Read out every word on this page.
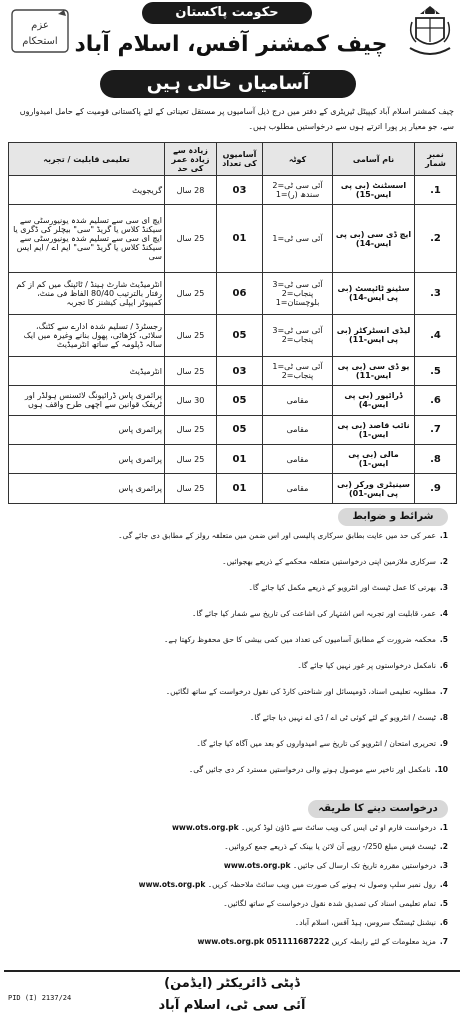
عزم
استحکام
حکومت پاکستان
چیف کمشنر آفس، اسلام آباد
آسامیاں خالی ہیں
چیف کمشنر اسلام آباد کیپیٹل ٹیریٹری کے دفتر میں درج ذیل آسامیوں پر مستقل تعیناتی کے لئے پاکستانی قومیت کے حامل امیدواروں سے، جو معیار پر پورا اترتے ہوں سے درخواستیں مطلوب ہیں۔
نمبر شمار	نام آسامی	کوٹہ	آسامیوں کی تعداد	زیادہ سے زیادہ عمر کی حد	تعلیمی قابلیت / تجربہ
1.	اسسٹنٹ (بی پی ایس-15)	آئی سی ٹی=2 سندھ (ر)=1	03	28 سال	گریجویٹ
2.	ایچ ڈی سی (بی پی ایس-14)	آئی سی ٹی=1	01	25 سال	ایچ ای سی سے تسلیم شدہ یونیورسٹی سے سیکنڈ کلاس یا گریڈ "سی" بیچلر کی ڈگری یا ایچ ای سی سے تسلیم شدہ یونیورسٹی سے سیکنڈ کلاس یا گریڈ "سی" ایم اے / ایم ایس سی
3.	سٹینو ٹائپسٹ (بی پی ایس-14)	آئی سی ٹی=3 پنجاب=2 بلوچستان=1	06	25 سال	انٹرمیڈیٹ شارٹ ہینڈ / ٹائپنگ میں کم از کم رفتار بالترتیب 80/40 الفاظ فی منٹ، کمپیوٹر ایپلی کیشنز کا تجربہ
4.	لیڈی انسٹرکٹر (بی پی ایس-11)	آئی سی ٹی=3 پنجاب=2	05	25 سال	رجسٹرڈ / تسلیم شدہ ادارے سے کٹنگ، سلائی، کڑھائی، پھول بنانے وغیرہ میں ایک سالہ ڈپلومہ کے ساتھ انٹرمیڈیٹ
5.	یو ڈی سی (بی پی ایس-11)	آئی سی ٹی=1 پنجاب=2	03	25 سال	انٹرمیڈیٹ
6.	ڈرائیور (بی پی ایس-4)	مقامی	05	30 سال	پرائمری پاس ڈرائیونگ لائسنس ہولڈر اور ٹریفک قوانین سے اچھی طرح واقف ہوں
7.	نائب قاصد (بی پی ایس-1)	مقامی	05	25 سال	پرائمری پاس
8.	مالی (بی پی ایس-1)	مقامی	01	25 سال	پرائمری پاس
9.	سینیٹری ورکر (بی پی ایس-01)	مقامی	01	25 سال	پرائمری پاس
شرائط و ضوابط
1.عمر کی حد میں عایت بطابق سرکاری پالیسی اور اس ضمن میں متعلقہ رولز کے مطابق دی جائے گی۔
2.سرکاری ملازمین اپنی درخواستیں متعلقہ محکمے کے ذریعے بھجوائیں۔
3.بھرتی کا عمل ٹیسٹ اور انٹرویو کے ذریعے مکمل کیا جائے گا۔
4.عمر، قابلیت اور تجربہ اس اشتہار کی اشاعت کی تاریخ سے شمار کیا جائے گا۔
5.محکمہ ضرورت کے مطابق آسامیوں کی تعداد میں کمی بیشی کا حق محفوظ رکھتا ہے۔
6.نامکمل درخواستوں پر غور نہیں کیا جائے گا۔
7.مطلوبہ تعلیمی اسناد، ڈومیسائل اور شناختی کارڈ کی نقول درخواست کے ساتھ لگائیں۔
8.ٹیسٹ / انٹرویو کے لئے کوئی ٹی اے / ڈی اے نہیں دیا جائے گا۔
9.تحریری امتحان / انٹرویو کی تاریخ سے امیدواروں کو بعد میں آگاہ کیا جائے گا۔
10.نامکمل اور تاخیر سے موصول ہونے والی درخواستیں مسترد کر دی جائیں گی۔
درخواست دینے کا طریقہ
1.درخواست فارم او ٹی ایس کی ویب سائٹ سے ڈاؤن لوڈ کریں۔ www.ots.org.pk
2.ٹیسٹ فیس مبلغ 250/- روپے آن لائن یا بینک کے ذریعے جمع کروائیں۔
3.درخواستیں مقررہ تاریخ تک ارسال کی جائیں۔ www.ots.org.pk
4.رول نمبر سلپ وصول نہ ہونے کی صورت میں ویب سائٹ ملاحظہ کریں۔ www.ots.org.pk
5.تمام تعلیمی اسناد کی تصدیق شدہ نقول درخواست کے ساتھ لگائیں۔
6.نیشنل ٹیسٹنگ سروس، ہیڈ آفس، اسلام آباد۔
7.مزید معلومات کے لئے رابطہ کریں www.ots.org.pk 051111687222
PID (I) 2137/24
ڈپٹی ڈائریکٹر (ایڈمن)
آئی سی ٹی، اسلام آباد
